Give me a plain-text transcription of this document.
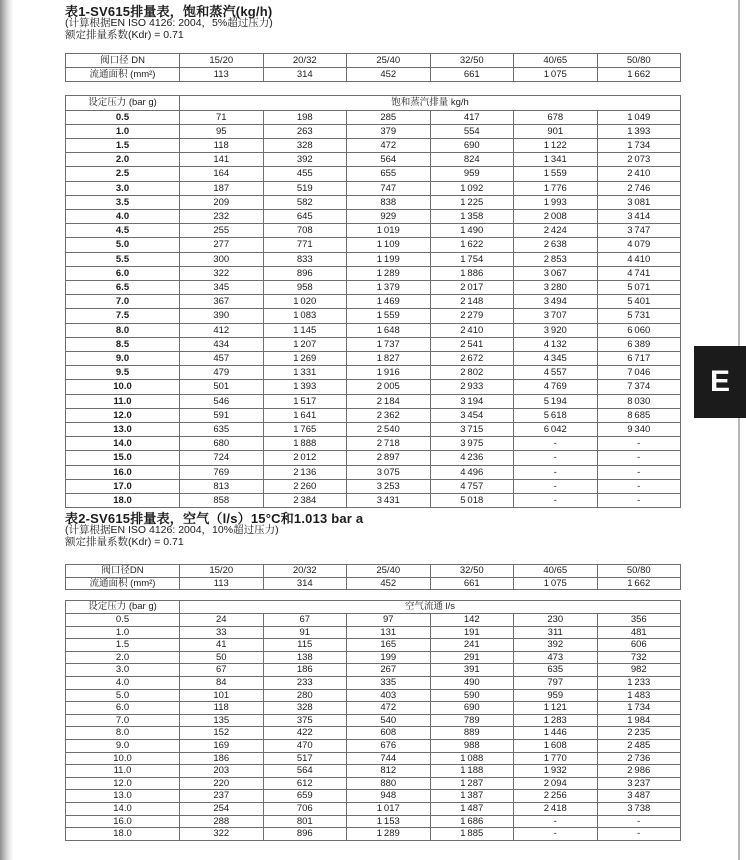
E
表1-SV615排量表，饱和蒸汽(kg/h)
(计算根据EN ISO 4126: 2004，5%超过压力)
额定排量系数(Kdr) = 0.71
阀口径 DN	15/20	20/32	25/40	32/50	40/65	50/80
流通面积 (mm²)	113	314	452	661	1 075	1 662
设定压力 (bar g)	饱和蒸汽排量 kg/h					
0.5	71	198	285	417	678	1 049
1.0	95	263	379	554	901	1 393
1.5	118	328	472	690	1 122	1 734
2.0	141	392	564	824	1 341	2 073
2.5	164	455	655	959	1 559	2 410
3.0	187	519	747	1 092	1 776	2 746
3.5	209	582	838	1 225	1 993	3 081
4.0	232	645	929	1 358	2 008	3 414
4.5	255	708	1 019	1 490	2 424	3 747
5.0	277	771	1 109	1 622	2 638	4 079
5.5	300	833	1 199	1 754	2 853	4 410
6.0	322	896	1 289	1 886	3 067	4 741
6.5	345	958	1 379	2 017	3 280	5 071
7.0	367	1 020	1 469	2 148	3 494	5 401
7.5	390	1 083	1 559	2 279	3 707	5 731
8.0	412	1 145	1 648	2 410	3 920	6 060
8.5	434	1 207	1 737	2 541	4 132	6 389
9.0	457	1 269	1 827	2 672	4 345	6 717
9.5	479	1 331	1 916	2 802	4 557	7 046
10.0	501	1 393	2 005	2 933	4 769	7 374
11.0	546	1 517	2 184	3 194	5 194	8 030
12.0	591	1 641	2 362	3 454	5 618	8 685
13.0	635	1 765	2 540	3 715	6 042	9 340
14.0	680	1 888	2 718	3 975	-	-
15.0	724	2 012	2 897	4 236	-	-
16.0	769	2 136	3 075	4 496	-	-
17.0	813	2 260	3 253	4 757	-	-
18.0	858	2 384	3 431	5 018	-	-
表2-SV615排量表，空气（l/s）15°C和1.013 bar a
(计算根据EN ISO 4126: 2004，10%超过压力)
额定排量系数(Kdr) = 0.71
阀口径DN	15/20	20/32	25/40	32/50	40/65	50/80
流通面积 (mm²)	113	314	452	661	1 075	1 662
设定压力 (bar g)	空气流通 l/s					
0.5	24	67	97	142	230	356
1.0	33	91	131	191	311	481
1.5	41	115	165	241	392	606
2.0	50	138	199	291	473	732
3.0	67	186	267	391	635	982
4.0	84	233	335	490	797	1 233
5.0	101	280	403	590	959	1 483
6.0	118	328	472	690	1 121	1 734
7.0	135	375	540	789	1 283	1 984
8.0	152	422	608	889	1 446	2 235
9.0	169	470	676	988	1 608	2 485
10.0	186	517	744	1 088	1 770	2 736
11.0	203	564	812	1 188	1 932	2 986
12.0	220	612	880	1 287	2 094	3 237
13.0	237	659	948	1 387	2 256	3 487
14.0	254	706	1 017	1 487	2 418	3 738
16.0	288	801	1 153	1 686	-	-
18.0	322	896	1 289	1 885	-	-
